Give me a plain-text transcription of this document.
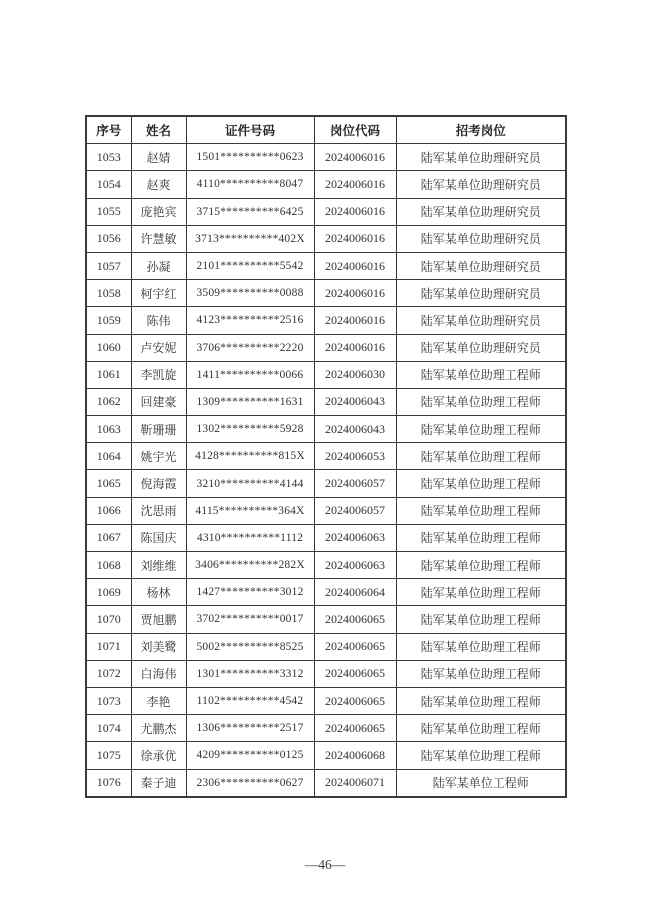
序号	姓名	证件号码	岗位代码	招考岗位
1053	赵婧	1501**********0623	2024006016	陆军某单位助理研究员
1054	赵爽	4110**********8047	2024006016	陆军某单位助理研究员
1055	庞艳宾	3715**********6425	2024006016	陆军某单位助理研究员
1056	许慧敏	3713**********402X	2024006016	陆军某单位助理研究员
1057	孙凝	2101**********5542	2024006016	陆军某单位助理研究员
1058	柯宇红	3509**********0088	2024006016	陆军某单位助理研究员
1059	陈伟	4123**********2516	2024006016	陆军某单位助理研究员
1060	卢安妮	3706**********2220	2024006016	陆军某单位助理研究员
1061	李凯旋	1411**********0066	2024006030	陆军某单位助理工程师
1062	回建豪	1309**********1631	2024006043	陆军某单位助理工程师
1063	靳珊珊	1302**********5928	2024006043	陆军某单位助理工程师
1064	姚宇光	4128**********815X	2024006053	陆军某单位助理工程师
1065	倪海霞	3210**********4144	2024006057	陆军某单位助理工程师
1066	沈思雨	4115**********364X	2024006057	陆军某单位助理工程师
1067	陈国庆	4310**********1112	2024006063	陆军某单位助理工程师
1068	刘维维	3406**********282X	2024006063	陆军某单位助理工程师
1069	杨林	1427**********3012	2024006064	陆军某单位助理工程师
1070	贾旭鹏	3702**********0017	2024006065	陆军某单位助理工程师
1071	刘美鹭	5002**********8525	2024006065	陆军某单位助理工程师
1072	白海伟	1301**********3312	2024006065	陆军某单位助理工程师
1073	李艳	1102**********4542	2024006065	陆军某单位助理工程师
1074	尤鹏杰	1306**********2517	2024006065	陆军某单位助理工程师
1075	徐承优	4209**********0125	2024006068	陆军某单位助理工程师
1076	秦子迪	2306**********0627	2024006071	陆军某单位工程师
—46—
